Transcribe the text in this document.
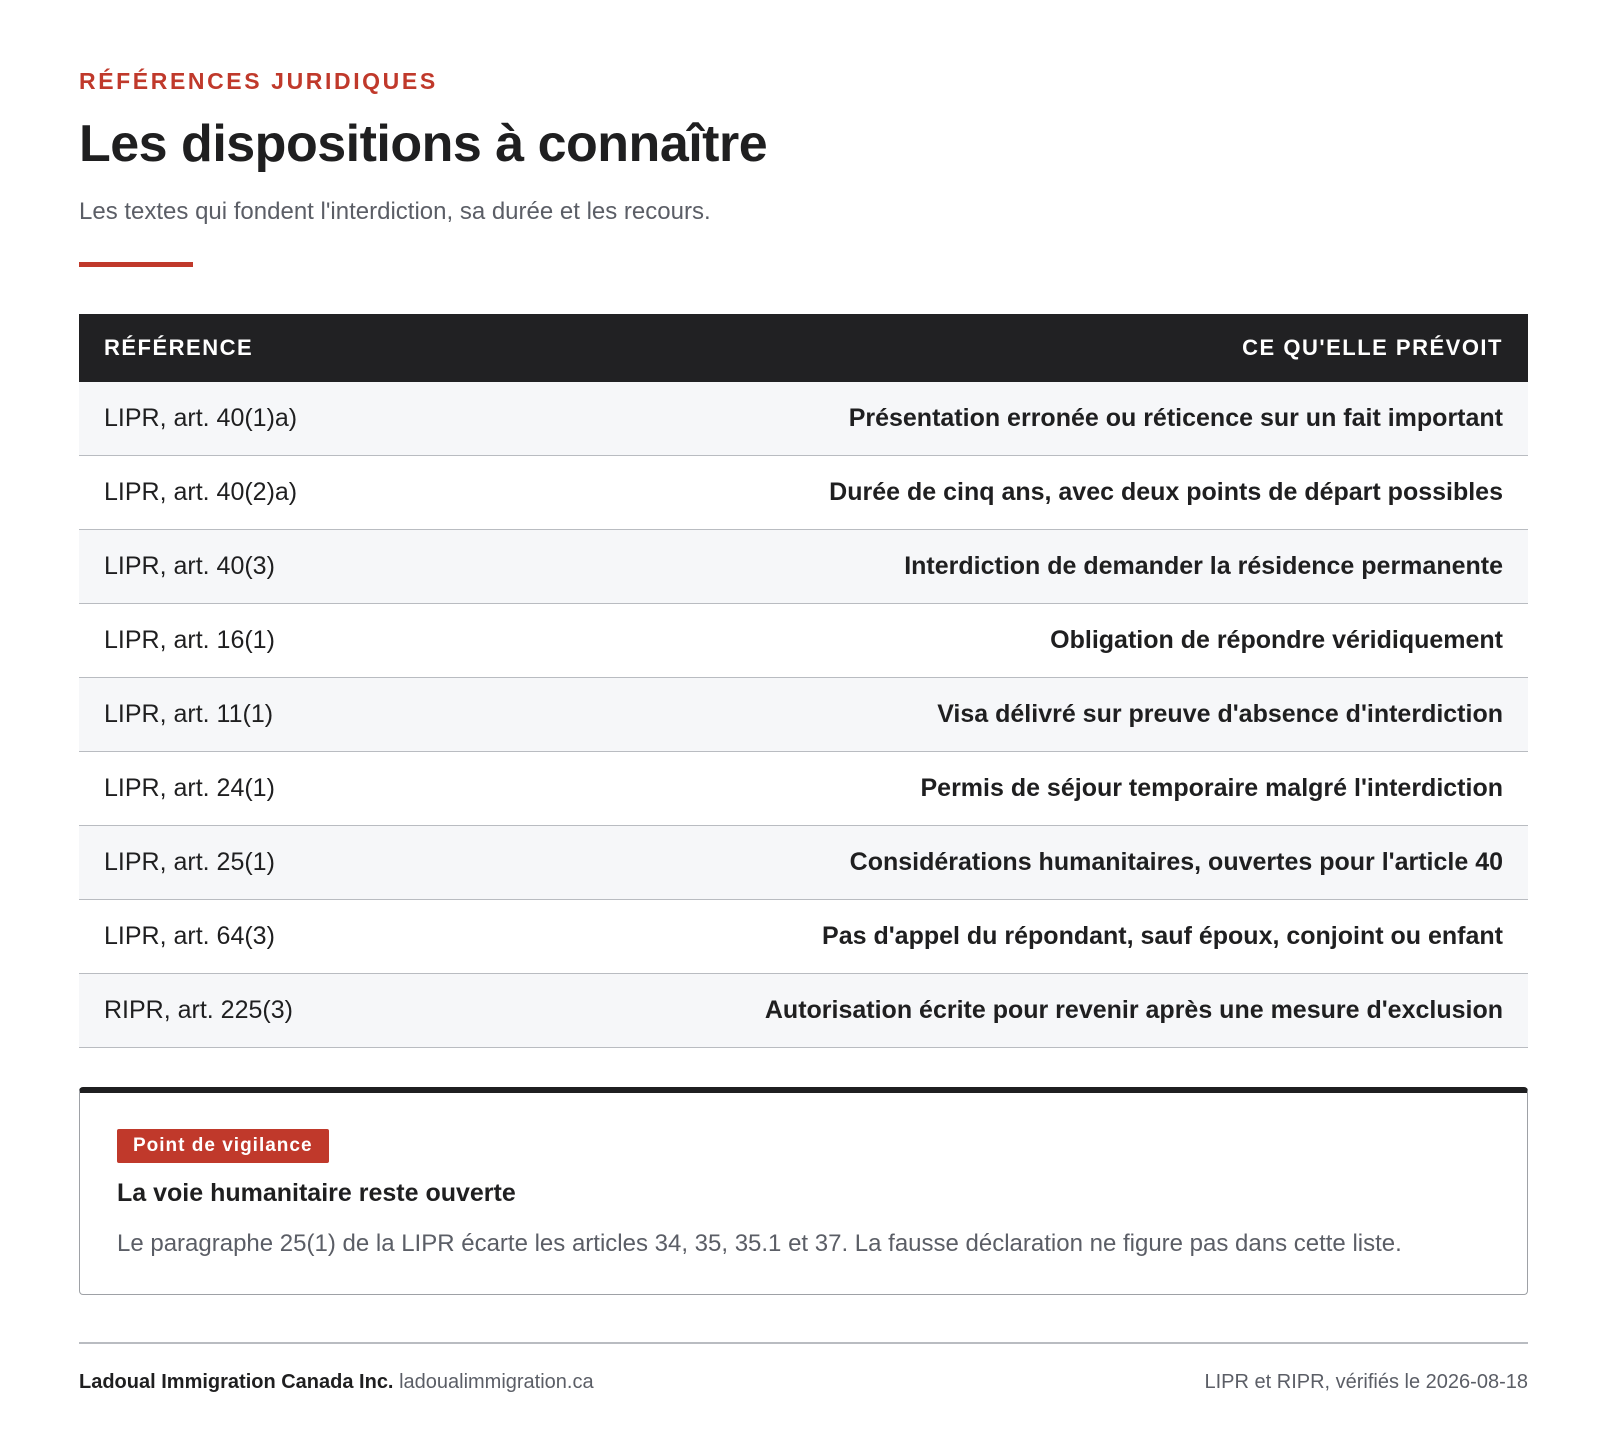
RÉFÉRENCES JURIDIQUES
Les dispositions à connaître

Les textes qui fondent l'interdiction, sa durée et les recours.

RÉFÉRENCE	CE QU'ELLE PRÉVOIT
LIPR, art. 40(1)a)	Présentation erronée ou réticence sur un fait important
LIPR, art. 40(2)a)	Durée de cinq ans, avec deux points de départ possibles
LIPR, art. 40(3)	Interdiction de demander la résidence permanente
LIPR, art. 16(1)	Obligation de répondre véridiquement
LIPR, art. 11(1)	Visa délivré sur preuve d'absence d'interdiction
LIPR, art. 24(1)	Permis de séjour temporaire malgré l'interdiction
LIPR, art. 25(1)	Considérations humanitaires, ouvertes pour l'article 40
LIPR, art. 64(3)	Pas d'appel du répondant, sauf époux, conjoint ou enfant
RIPR, art. 225(3)	Autorisation écrite pour revenir après une mesure d'exclusion
Point de vigilance
La voie humanitaire reste ouverte

Le paragraphe 25(1) de la LIPR écarte les articles 34, 35, 35.1 et 37. La fausse déclaration ne figure pas dans cette liste.

Ladoual Immigration Canada Inc. ladoualimmigration.ca	LIPR et RIPR, vérifiés le 2026-08-18
